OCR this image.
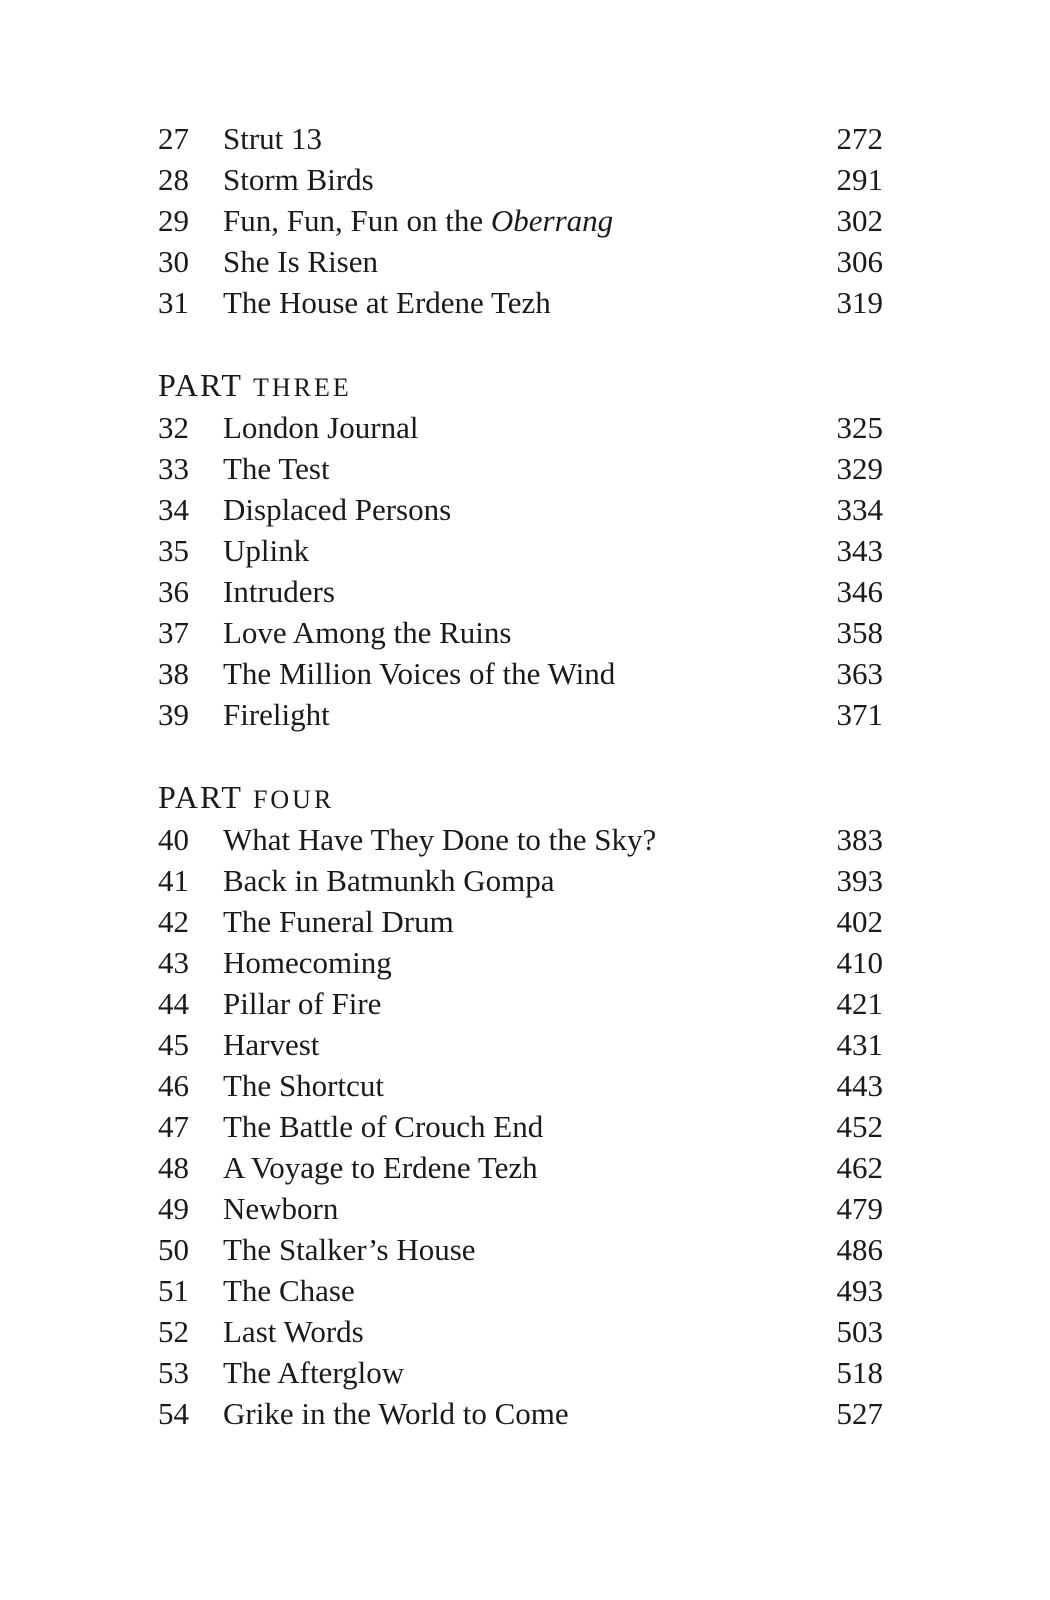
27 Strut 13	272
28 Storm Birds	291
29 Fun, Fun, Fun on the Oberrang	302
30 She Is Risen	306
31 The House at Erdene Tezh	319
PART THREE
32 London Journal	325
33 The Test	329
34 Displaced Persons	334
35 Uplink	343
36 Intruders	346
37 Love Among the Ruins	358
38 The Million Voices of the Wind	363
39 Firelight	371
PART FOUR
40 What Have They Done to the Sky?	383
41 Back in Batmunkh Gompa	393
42 The Funeral Drum	402
43 Homecoming	410
44 Pillar of Fire	421
45 Harvest	431
46 The Shortcut	443
47 The Battle of Crouch End	452
48 A Voyage to Erdene Tezh	462
49 Newborn	479
50 The Stalker’s House	486
51 The Chase	493
52 Last Words	503
53 The Afterglow	518
54 Grike in the World to Come	527
